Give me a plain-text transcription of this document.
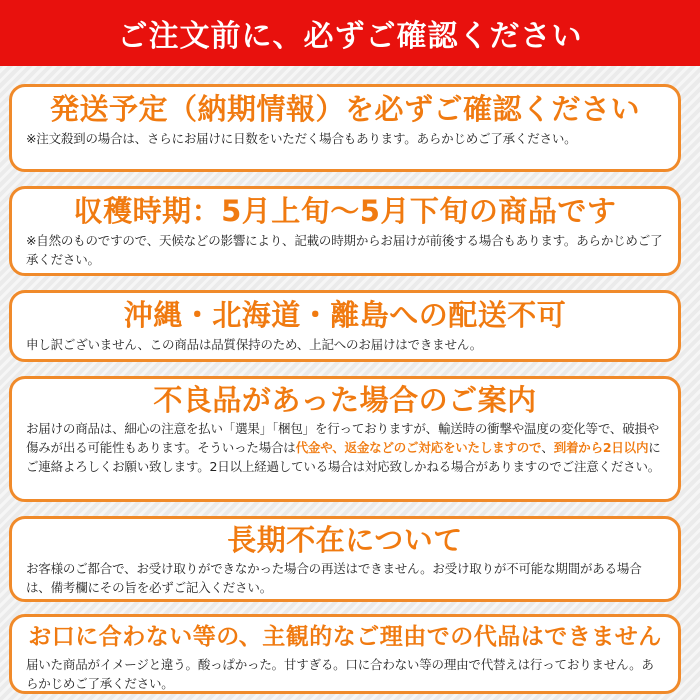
ご注文前に、必ずご確認ください
発送予定（納期情報）を必ずご確認ください
※注文殺到の場合は、さらにお届けに日数をいただく場合もあります。あらかじめご了承ください。
収穫時期：5月上旬〜5月下旬の商品です
※自然のものですので、天候などの影響により、記載の時期からお届けが前後する場合もあります。あらかじめご了承ください。
沖縄・北海道・離島への配送不可
申し訳ございません、この商品は品質保持のため、上記へのお届けはできません。
不良品があった場合のご案内
お届けの商品は、細心の注意を払い「選果」「梱包」を行っておりますが、輸送時の衝撃や温度の変化等で、破損や傷みが出る可能性もあります。そういった場合は代金や、返金などのご対応をいたしますので、到着から2日以内にご連絡よろしくお願い致します。2日以上経過している場合は対応致しかねる場合がありますのでご注意ください。
長期不在について
お客様のご都合で、お受け取りができなかった場合の再送はできません。お受け取りが不可能な期間がある場合は、備考欄にその旨を必ずご記入ください。
お口に合わない等の、主観的なご理由での代品はできません
届いた商品がイメージと違う。酸っぱかった。甘すぎる。口に合わない等の理由で代替えは行っておりません。あらかじめご了承ください。
